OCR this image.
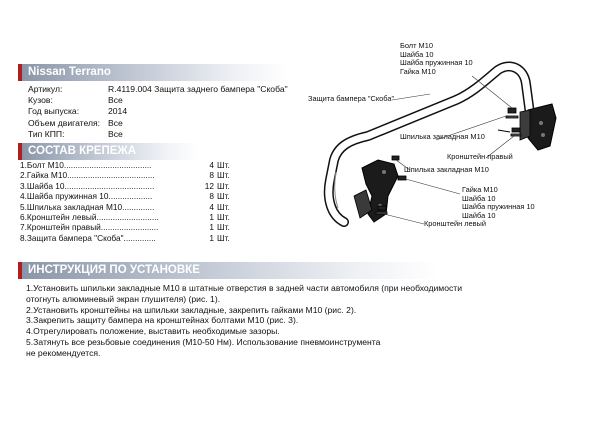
Nissan Terrano
Артикул:	R.4119.004 Защита заднего бампера "Скоба"
Кузов:	Все
Год выпуска:	2014
Объем двигателя: Все
Тип КПП:	Все
СОСТАВ КРЕПЕЖА
1.Болт М10......................................	4 Шт.
2.Гайка М10......................................	8 Шт.
3.Шайба 10.......................................	12 Шт.
4.Шайба пружинная 10...................	8 Шт.
5.Шпилька закладная М10..............	4 Шт.
6.Кронштейн левый...........................	1 Шт.
7.Кронштейн правый.........................	1 Шт.
8.Защита бампера "Скоба"..............	1 Шт.
Болт М10
Шайба 10
Шайба пружинная 10
Гайка М10
Защита бампера "Скоба"
Шпилька закладная М10
Кронштейн правый
Шпилька закладная М10
Гайка М10
Шайба 10
Шайба пружинная 10
Шайба 10
Кронштейн левый
ИНСТРУКЦИЯ ПО УСТАНОВКЕ
1.Установить шпильки закладные М10 в штатные отверстия в задней части автомобиля (при необходимости
отогнуть алюминевый экран глушителя) (рис. 1).
2.Установить кронштейны на шпильки закладные, закрепить гайками М10 (рис. 2).
3.Закрепить защиту бампера на кронштейнах болтами М10 (рис. 3).
4.Отрегулировать положение, выставить необходимые зазоры.
5.Затянуть все резьбовые соединения (М10-50 Нм). Использование пневмоинструмента
не рекомендуется.
